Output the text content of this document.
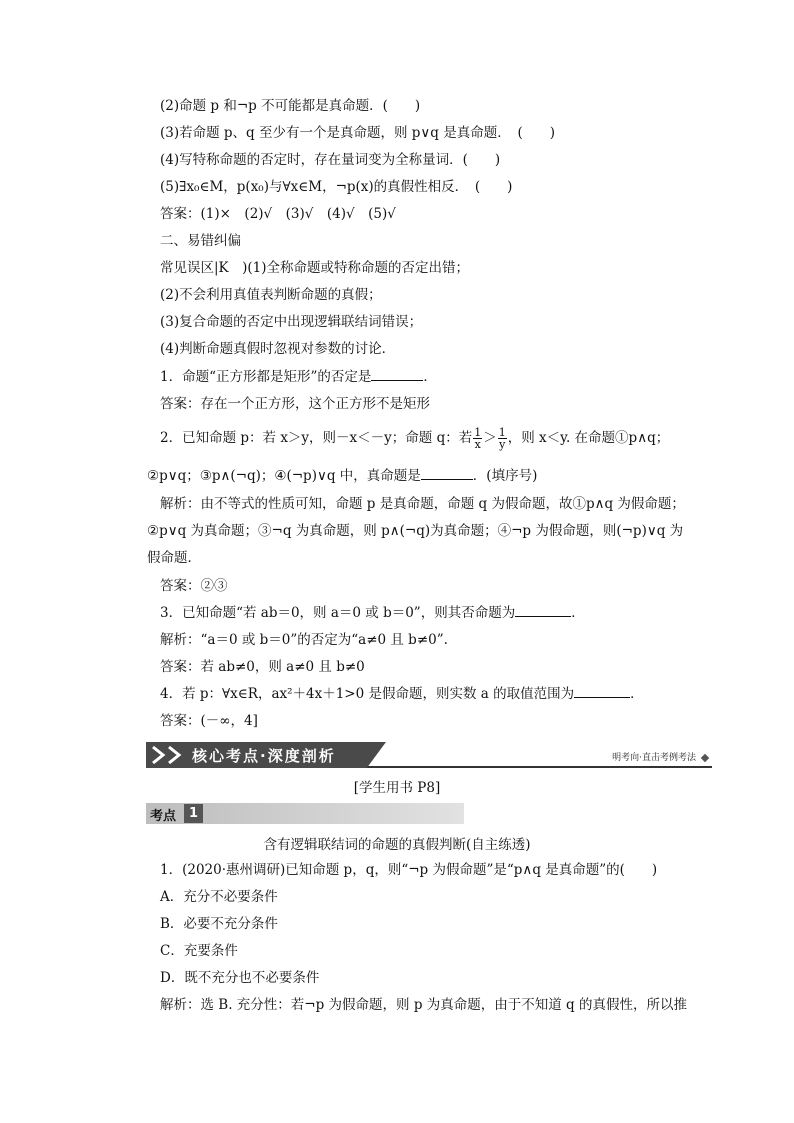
(2)命题 p 和¬p 不可能都是真命题．(　　)
(3)若命题 p、q 至少有一个是真命题，则 p∨q 是真命题．　(　　)
(4)写特称命题的否定时，存在量词变为全称量词．(　　)
(5)∃x₀∈M，p(x₀)与∀x∈M，¬p(x)的真假性相反．　(　　)
答案：(1)×　(2)√　(3)√　(4)√　(5)√
二、易错纠偏
常见误区|K　)(1)全称命题或特称命题的否定出错；
(2)不会利用真值表判断命题的真假；
(3)复合命题的否定中出现逻辑联结词错误；
(4)判断命题真假时忽视对参数的讨论．
1．命题“正方形都是矩形”的否定是	．
答案：存在一个正方形，这个正方形不是矩形
2．已知命题 p：若 x＞y，则－x＜－y；命题 q：若 $\frac{1}{x} > \frac{1}{y}$ ，则 x＜y. 在命题①p∧q；
②p∨q；③p∧(¬q)；④(¬p)∨q 中，真命题是	．(填序号)
解析：由不等式的性质可知，命题 p 是真命题，命题 q 为假命题，故①p∧q 为假命题；
②p∨q 为真命题；③¬q 为真命题，则 p∧(¬q)为真命题；④¬p 为假命题，则(¬p)∨q 为
假命题．
答案：②③
3．已知命题“若 ab＝0，则 a＝0 或 b＝0”，则其否命题为	．
解析：“a＝0 或 b＝0”的否定为“a≠0 且 b≠0”.
答案：若 ab≠0，则 a≠0 且 b≠0
4．若 p：∀x∈R，ax²＋4x＋1>0 是假命题，则实数 a 的取值范围为	．
答案：(－∞，4]
核心考点·深度剖析	明考向·直击考例考法
[学生用书 P8]
考点 1
含有逻辑联结词的命题的真假判断(自主练透)
1．(2020·惠州调研)已知命题 p，q，则“¬p 为假命题”是“p∧q 是真命题”的(　　)
A．充分不必要条件
B．必要不充分条件
C．充要条件
D．既不充分也不必要条件
解析：选 B. 充分性：若¬p 为假命题，则 p 为真命题，由于不知道 q 的真假性，所以推
